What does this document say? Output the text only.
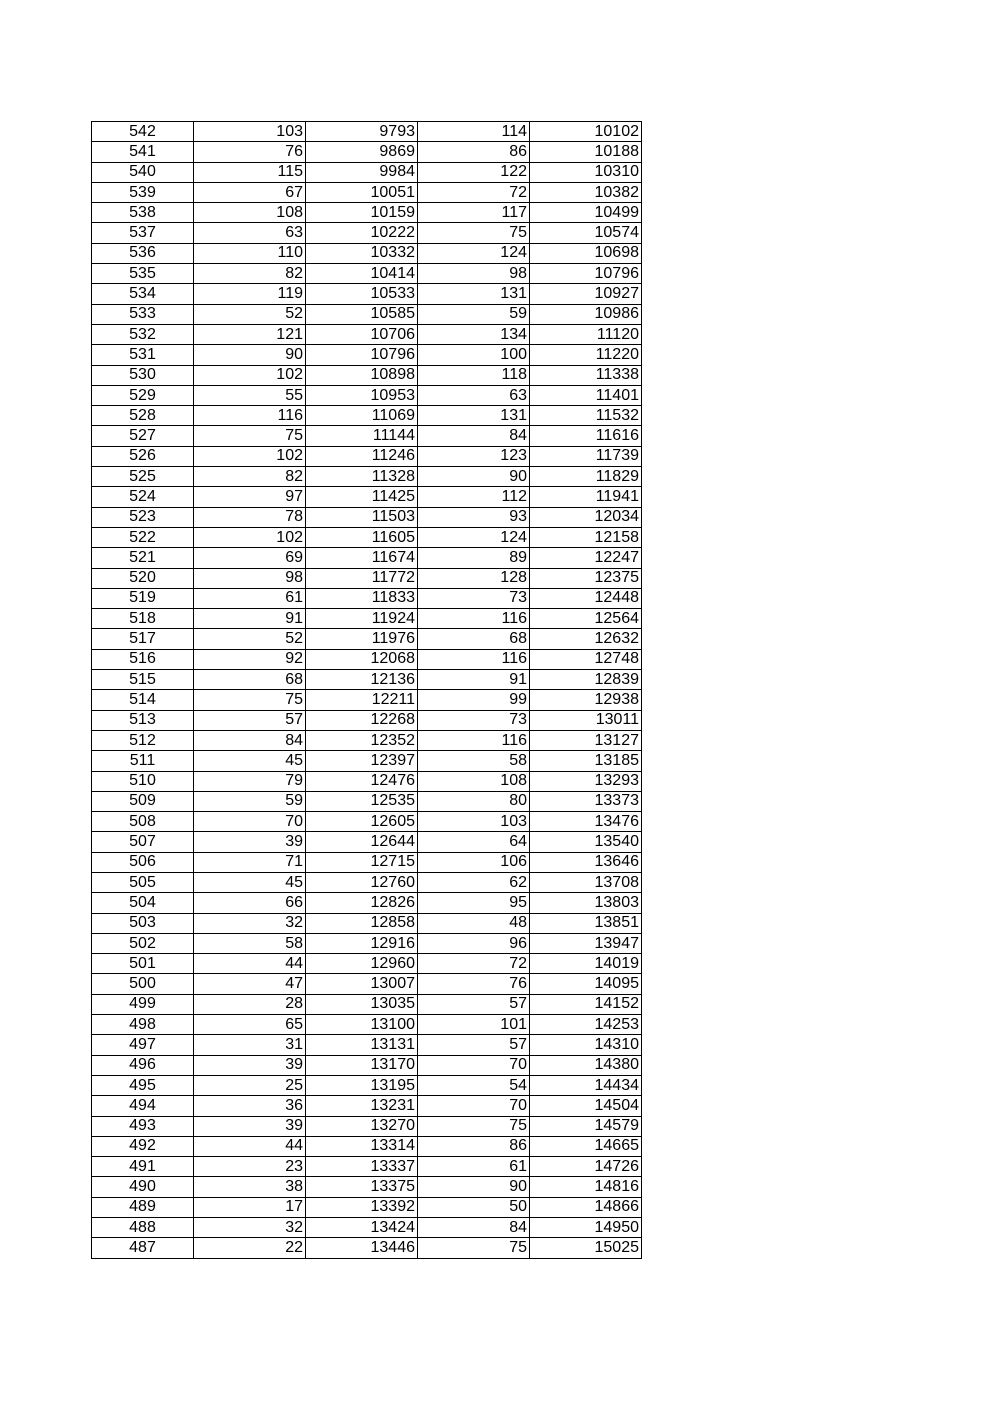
542	103	9793	114	10102
541	76	9869	86	10188
540	115	9984	122	10310
539	67	10051	72	10382
538	108	10159	117	10499
537	63	10222	75	10574
536	110	10332	124	10698
535	82	10414	98	10796
534	119	10533	131	10927
533	52	10585	59	10986
532	121	10706	134	11120
531	90	10796	100	11220
530	102	10898	118	11338
529	55	10953	63	11401
528	116	11069	131	11532
527	75	11144	84	11616
526	102	11246	123	11739
525	82	11328	90	11829
524	97	11425	112	11941
523	78	11503	93	12034
522	102	11605	124	12158
521	69	11674	89	12247
520	98	11772	128	12375
519	61	11833	73	12448
518	91	11924	116	12564
517	52	11976	68	12632
516	92	12068	116	12748
515	68	12136	91	12839
514	75	12211	99	12938
513	57	12268	73	13011
512	84	12352	116	13127
511	45	12397	58	13185
510	79	12476	108	13293
509	59	12535	80	13373
508	70	12605	103	13476
507	39	12644	64	13540
506	71	12715	106	13646
505	45	12760	62	13708
504	66	12826	95	13803
503	32	12858	48	13851
502	58	12916	96	13947
501	44	12960	72	14019
500	47	13007	76	14095
499	28	13035	57	14152
498	65	13100	101	14253
497	31	13131	57	14310
496	39	13170	70	14380
495	25	13195	54	14434
494	36	13231	70	14504
493	39	13270	75	14579
492	44	13314	86	14665
491	23	13337	61	14726
490	38	13375	90	14816
489	17	13392	50	14866
488	32	13424	84	14950
487	22	13446	75	15025
